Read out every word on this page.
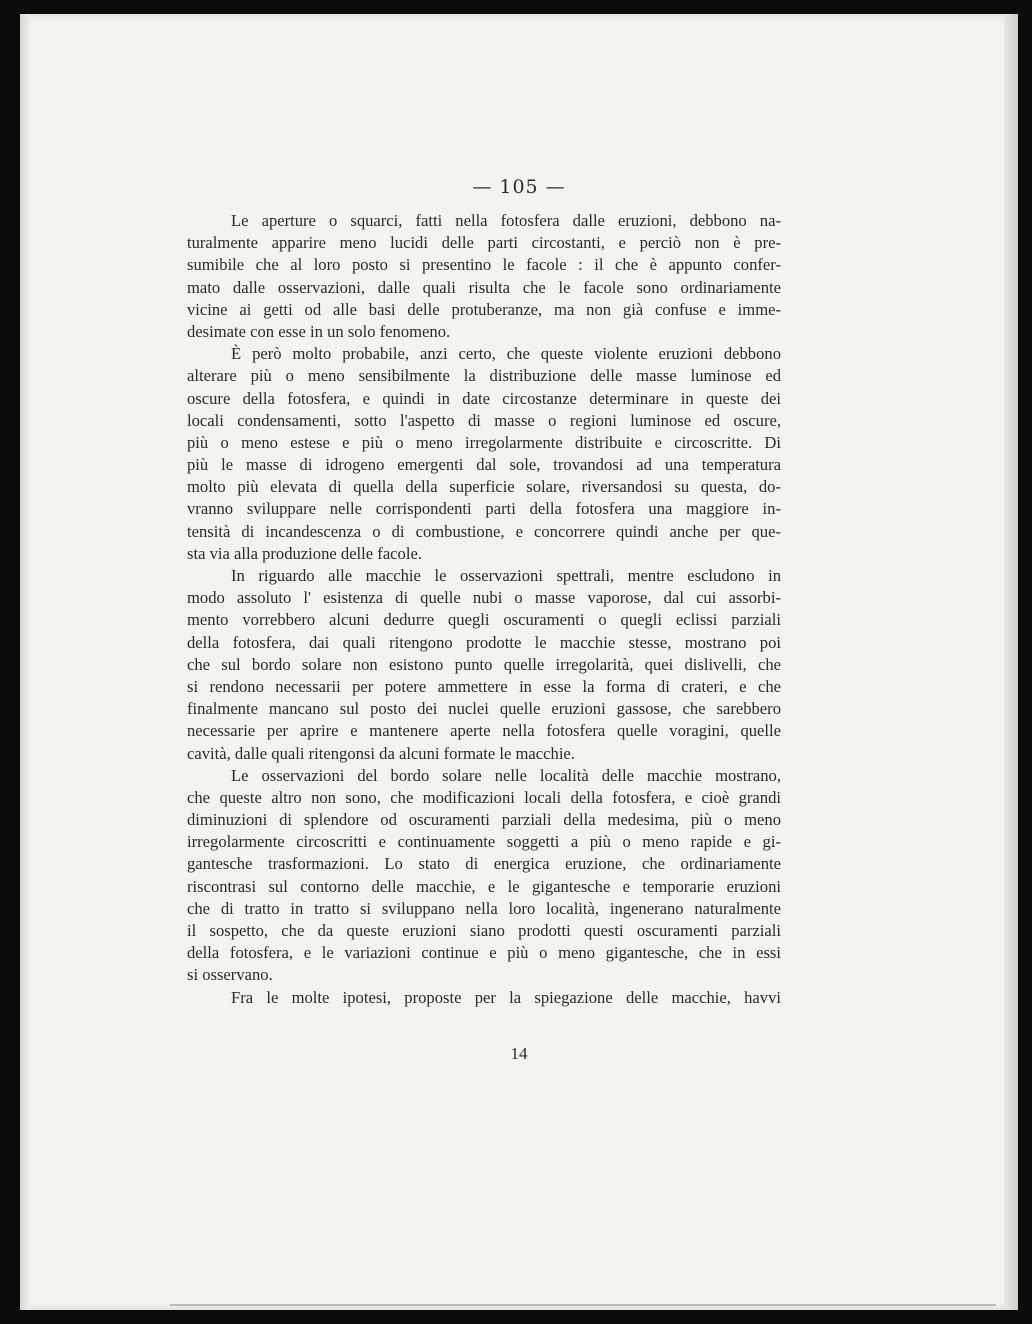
— 105 —
Le aperture o squarci, fatti nella fotosfera dalle eruzioni, debbono na-
turalmente apparire meno lucidi delle parti circostanti, e perciò non è pre-
sumibile che al loro posto si presentino le facole : il che è appunto confer-
mato dalle osservazioni, dalle quali risulta che le facole sono ordinariamente
vicine ai getti od alle basi delle protuberanze, ma non già confuse e imme-
desimate con esse in un solo fenomeno.
È però molto probabile, anzi certo, che queste violente eruzioni debbono
alterare più o meno sensibilmente la distribuzione delle masse luminose ed
oscure della fotosfera, e quindi in date circostanze determinare in queste dei
locali condensamenti, sotto l'aspetto di masse o regioni luminose ed oscure,
più o meno estese e più o meno irregolarmente distribuite e circoscritte. Di
più le masse di idrogeno emergenti dal sole, trovandosi ad una temperatura
molto più elevata di quella della superficie solare, riversandosi su questa, do-
vranno sviluppare nelle corrispondenti parti della fotosfera una maggiore in-
tensità di incandescenza o di combustione, e concorrere quindi anche per que-
sta via alla produzione delle facole.
In riguardo alle macchie le osservazioni spettrali, mentre escludono in
modo assoluto l' esistenza di quelle nubi o masse vaporose, dal cui assorbi-
mento vorrebbero alcuni dedurre quegli oscuramenti o quegli eclissi parziali
della fotosfera, dai quali ritengono prodotte le macchie stesse, mostrano poi
che sul bordo solare non esistono punto quelle irregolarità, quei dislivelli, che
si rendono necessarii per potere ammettere in esse la forma di crateri, e che
finalmente mancano sul posto dei nuclei quelle eruzioni gassose, che sarebbero
necessarie per aprire e mantenere aperte nella fotosfera quelle voragini, quelle
cavità, dalle quali ritengonsi da alcuni formate le macchie.
Le osservazioni del bordo solare nelle località delle macchie mostrano,
che queste altro non sono, che modificazioni locali della fotosfera, e cioè grandi
diminuzioni di splendore od oscuramenti parziali della medesima, più o meno
irregolarmente circoscritti e continuamente soggetti a più o meno rapide e gi-
gantesche trasformazioni. Lo stato di energica eruzione, che ordinariamente
riscontrasi sul contorno delle macchie, e le gigantesche e temporarie eruzioni
che di tratto in tratto si sviluppano nella loro località, ingenerano naturalmente
il sospetto, che da queste eruzioni siano prodotti questi oscuramenti parziali
della fotosfera, e le variazioni continue e più o meno gigantesche, che in essi
si osservano.
Fra le molte ipotesi, proposte per la spiegazione delle macchie, havvi
14
